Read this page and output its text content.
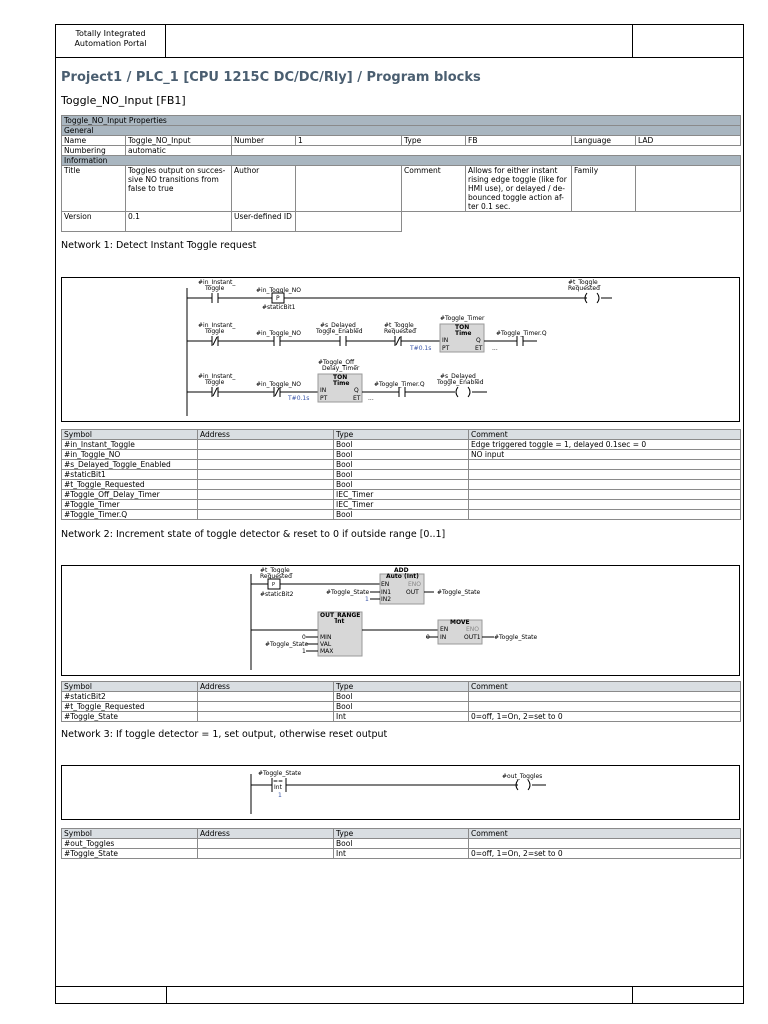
Totally Integrated
Automation Portal
Project1 / PLC_1 [CPU 1215C DC/DC/Rly] / Program blocks
Toggle_NO_Input [FB1]
Toggle_NO_Input Properties							
General							
Name	Toggle_NO_Input	Number	1	Type	FB	Language	LAD
Numbering	automatic						
Information							
Title	Toggles output on succes-sive NO transitions from false to true	Author		Comment	Allows for either instant rising edge toggle (like for HMI use), or delayed / de-bounced toggle action af-ter 0.1 sec.	Family	
Version	0.1	User-defined ID					
Network 1: Detect Instant Toggle request
#in_Instant_
Toggle	#in_Toggle_NO
P
#staticBit1
#t_Toggle_
Requested
#in_Instant_
Toggle	#in_Toggle_NO
#s_Delayed_
Toggle_Enabled
#t_Toggle_
Requested
#Toggle_Timer
TON
Time
IN	Q
PT	ET
T#0.1s	...
#Toggle_Timer.Q
#in_Instant_
Toggle	#in_Toggle_NO
#Toggle_Off_
Delay_Timer
TON
Time
IN	Q
PT	ET
T#0.1s	...
#Toggle_Timer.Q
#s_Delayed_
Toggle_Enabled
Symbol	Address	Type	Comment
#in_Instant_Toggle		Bool	Edge triggered toggle = 1, delayed 0.1sec = 0
#in_Toggle_NO		Bool	NO input
#s_Delayed_Toggle_Enabled		Bool	
#staticBit1		Bool	
#t_Toggle_Requested		Bool	
#Toggle_Off_Delay_Timer		IEC_Timer	
#Toggle_Timer		IEC_Timer	
#Toggle_Timer.Q		Bool	
Network 2: Increment state of toggle detector & reset to 0 if outside range [0..1]
#t_Toggle_
Requested
P
#staticBit2
ADD
Auto (Int)
EN	ENO
IN1 OUT
IN2
#Toggle_State
1
#Toggle_State
OUT_RANGE
Int
MIN
VAL
MAX
0
#Toggle_State
1
MOVE
EN	ENO
IN	OUT1
0	#Toggle_State
Symbol	Address	Type	Comment
#staticBit2		Bool	
#t_Toggle_Requested		Bool	
#Toggle_State		Int	0=off, 1=On, 2=set to 0
Network 3: If toggle detector = 1, set output, otherwise reset output
#Toggle_State
==
Int
1
#out_Toggles
Symbol	Address	Type	Comment
#out_Toggles		Bool	
#Toggle_State		Int	0=off, 1=On, 2=set to 0
